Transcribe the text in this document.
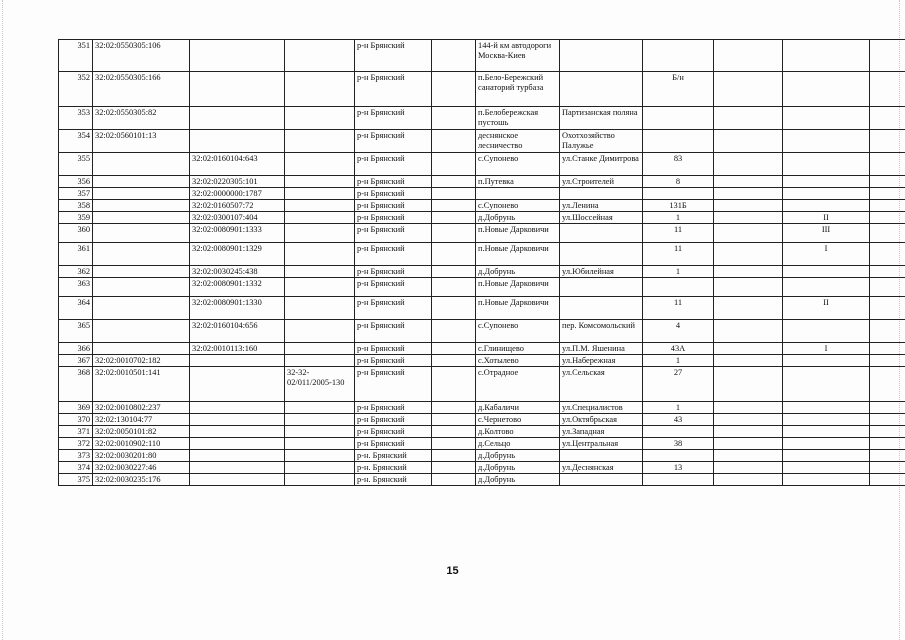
351	32:02:0550305:106			р-н Брянский		144-й км автодороги Москва-Киев					
352	32:02:0550305:166			р-н Брянский		п.Бело-Бережский санаторий турбаза		Б/н			
353	32:02:0550305:82			р-н Брянский		п.Белобережская пустошь	Партизанская поляна				
354	32:02:0560101:13			р-н Брянский		деснянское лесничество	Охотхозяйство Палужье				
355		32:02:0160104:643		р-н Брянский		с.Супонево	ул.Станке Димитрова	83			
356		32:02:0220305:101		р-н Брянский		п.Путевка	ул.Строителей	8			
357		32:02:0000000:1787		р-н Брянский							
358		32:02:0160507:72		р-н Брянский		с.Супонево	ул.Ленина	131Б			
359		32:02:0300107:404		р-н Брянский		д.Добрунь	ул.Шоссейная	1		II	
360		32:02:0080901:1333		р-н Брянский		п.Новые Дарковичи		11		III	
361		32:02:0080901:1329		р-н Брянский		п.Новые Дарковичи		11		I	
362		32:02:0030245:438		р-н Брянский		д.Добрунь	ул.Юбилейная	1			
363		32:02:0080901:1332		р-н Брянский		п.Новые Дарковичи					
364		32:02:0080901:1330		р-н Брянский		п.Новые Дарковичи		11		II	
365		32:02:0160104:656		р-н Брянский		с.Супонево	пер. Комсомольский	4			
366		32:02:0010113:160		р-н Брянский		с.Глинищево	ул.П.М. Яшенина	43А		I	
367	32:02:0010702:182			р-н Брянский		с.Хотылево	ул.Набережная	1			
368	32:02:0010501:141		32-32-02/011/2005-130	р-н Брянский		с.Отрадное	ул.Сельская	27			
369	32:02:0010802:237			р-н Брянский		д.Кабаличи	ул.Специалистов	1			
370	32:02:130104:77			р-н Брянский		с.Чернетово	ул.Октябрьская	43			
371	32:02:0050101:82			р-н Брянский		д.Колтово	ул.Западная				
372	32:02:0010902:110			р-н Брянский		д.Сельцо	ул.Центральная	38			
373	32:02:0030201:80			р-н. Брянский		д.Добрунь					
374	32:02:0030227:46			р-н. Брянский		д.Добрунь	ул.Деснянская	13			
375	32:02:0030235:176			р-н. Брянский		д.Добрунь					
15
